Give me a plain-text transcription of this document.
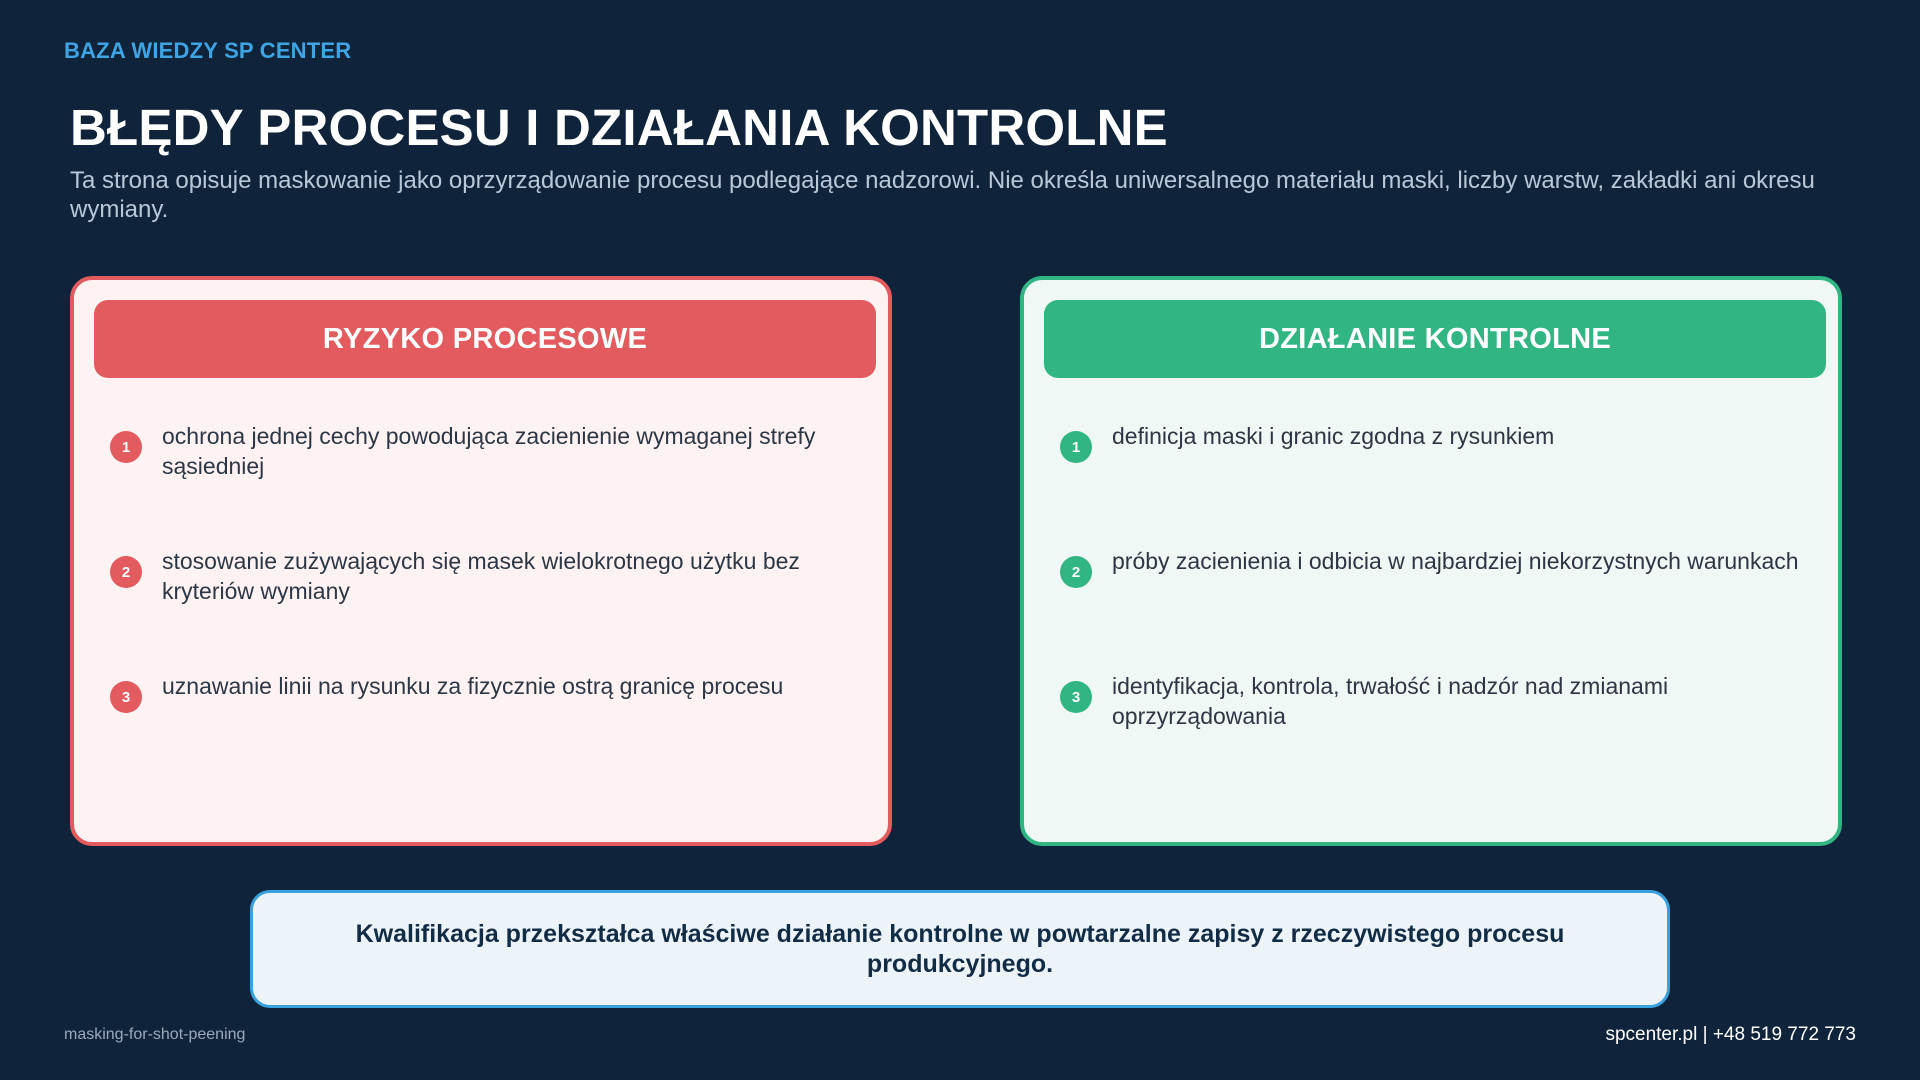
BAZA WIEDZY SP CENTER
BŁĘDY PROCESU I DZIAŁANIA KONTROLNE

Ta strona opisuje maskowanie jako oprzyrządowanie procesu podlegające nadzorowi. Nie określa uniwersalnego materiału maski, liczby warstw, zakładki ani okresu wymiany.

RYZYKO PROCESOWE
1	ochrona jednej cechy powodująca zacienienie wymaganej strefy sąsiedniej
2	stosowanie zużywających się masek wielokrotnego użytku bez kryteriów wymiany
3	uznawanie linii na rysunku za fizycznie ostrą granicę procesu
DZIAŁANIE KONTROLNE
1	definicja maski i granic zgodna z rysunkiem
2	próby zacienienia i odbicia w najbardziej niekorzystnych warunkach
3	identyfikacja, kontrola, trwałość i nadzór nad zmianami oprzyrządowania
Kwalifikacja przekształca właściwe działanie kontrolne w powtarzalne zapisy z rzeczywistego procesu produkcyjnego.
masking-for-shot-peening	spcenter.pl | +48 519 772 773
